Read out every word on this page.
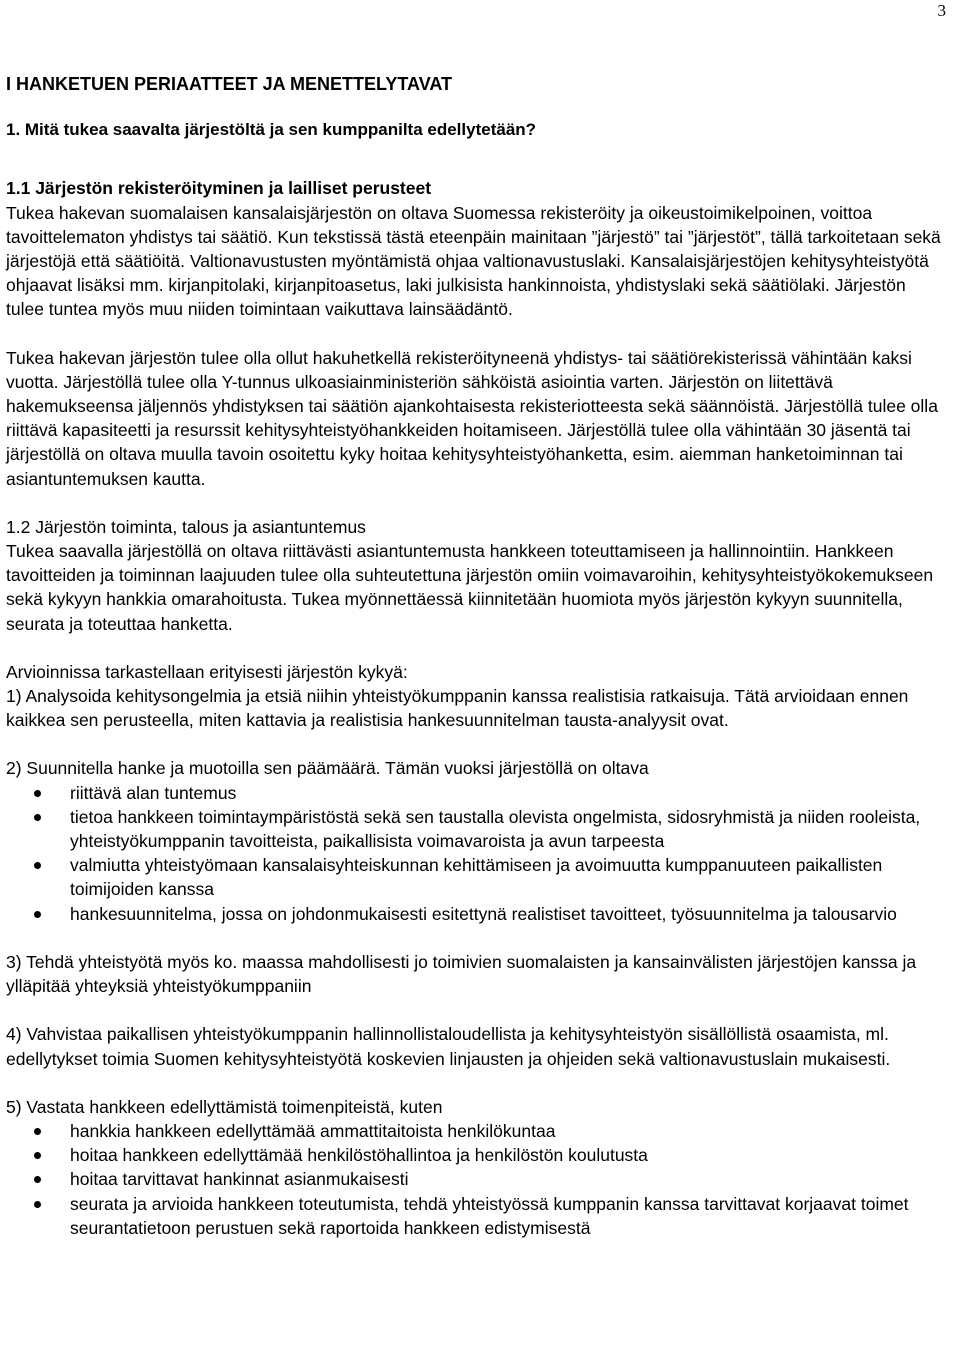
3
I HANKETUEN PERIAATTEET JA MENETTELYTAVAT
1. Mitä tukea saavalta järjestöltä ja sen kumppanilta edellytetään?
1.1 Järjestön rekisteröityminen ja lailliset perusteet

Tukea hakevan suomalaisen kansalaisjärjestön on oltava Suomessa rekisteröity ja oikeustoimikelpoinen, voittoa tavoittelematon yhdistys tai säätiö. Kun tekstissä tästä eteenpäin mainitaan ”järjestö” tai ”järjestöt”, tällä tarkoitetaan sekä järjestöjä että säätiöitä. Valtionavustusten myöntämistä ohjaa valtionavustuslaki. Kansalaisjärjestöjen kehitysyhteistyötä ohjaavat lisäksi mm. kirjanpitolaki, kirjanpitoasetus, laki julkisista hankinnoista, yhdistyslaki sekä säätiölaki. Järjestön tulee tuntea myös muu niiden toimintaan vaikuttava lainsäädäntö.

Tukea hakevan järjestön tulee olla ollut hakuhetkellä rekisteröityneenä yhdistys- tai säätiörekisterissä vähintään kaksi vuotta. Järjestöllä tulee olla Y-tunnus ulkoasiainministeriön sähköistä asiointia varten. Järjestön on liitettävä hakemukseensa jäljennös yhdistyksen tai säätiön ajankohtaisesta rekisteriotteesta sekä säännöistä. Järjestöllä tulee olla riittävä kapasiteetti ja resurssit kehitysyhteistyöhankkeiden hoitamiseen. Järjestöllä tulee olla vähintään 30 jäsentä tai järjestöllä on oltava muulla tavoin osoitettu kyky hoitaa kehitysyhteistyöhanketta, esim. aiemman hanketoiminnan tai asiantuntemuksen kautta.

1.2 Järjestön toiminta, talous ja asiantuntemus

Tukea saavalla järjestöllä on oltava riittävästi asiantuntemusta hankkeen toteuttamiseen ja hallinnointiin. Hankkeen tavoitteiden ja toiminnan laajuuden tulee olla suhteutettuna järjestön omiin voimavaroihin, kehitysyhteistyökokemukseen sekä kykyyn hankkia omarahoitusta. Tukea myönnettäessä kiinnitetään huomiota myös järjestön kykyyn suunnitella, seurata ja toteuttaa hanketta.

Arvioinnissa tarkastellaan erityisesti järjestön kykyä:

1) Analysoida kehitysongelmia ja etsiä niihin yhteistyökumppanin kanssa realistisia ratkaisuja. Tätä arvioidaan ennen kaikkea sen perusteella, miten kattavia ja realistisia hankesuunnitelman tausta-analyysit ovat.

2) Suunnitella hanke ja muotoilla sen päämäärä. Tämän vuoksi järjestöllä on oltava

riittävä alan tuntemus
tietoa hankkeen toimintaympäristöstä sekä sen taustalla olevista ongelmista, sidosryhmistä ja niiden rooleista, yhteistyökumppanin tavoitteista, paikallisista voimavaroista ja avun tarpeesta
valmiutta yhteistyömaan kansalaisyhteiskunnan kehittämiseen ja avoimuutta kumppanuuteen paikallisten toimijoiden kanssa
hankesuunnitelma, jossa on johdonmukaisesti esitettynä realistiset tavoitteet, työsuunnitelma ja talousarvio

3) Tehdä yhteistyötä myös ko. maassa mahdollisesti jo toimivien suomalaisten ja kansainvälisten järjestöjen kanssa ja ylläpitää yhteyksiä yhteistyökumppaniin

4) Vahvistaa paikallisen yhteistyökumppanin hallinnollistaloudellista ja kehitysyhteistyön sisällöllistä osaamista, ml. edellytykset toimia Suomen kehitysyhteistyötä koskevien linjausten ja ohjeiden sekä valtionavustuslain mukaisesti.

5) Vastata hankkeen edellyttämistä toimenpiteistä, kuten

hankkia hankkeen edellyttämää ammattitaitoista henkilökuntaa
hoitaa hankkeen edellyttämää henkilöstöhallintoa ja henkilöstön koulutusta
hoitaa tarvittavat hankinnat asianmukaisesti
seurata ja arvioida hankkeen toteutumista, tehdä yhteistyössä kumppanin kanssa tarvittavat korjaavat toimet seurantatietoon perustuen sekä raportoida hankkeen edistymisestä
